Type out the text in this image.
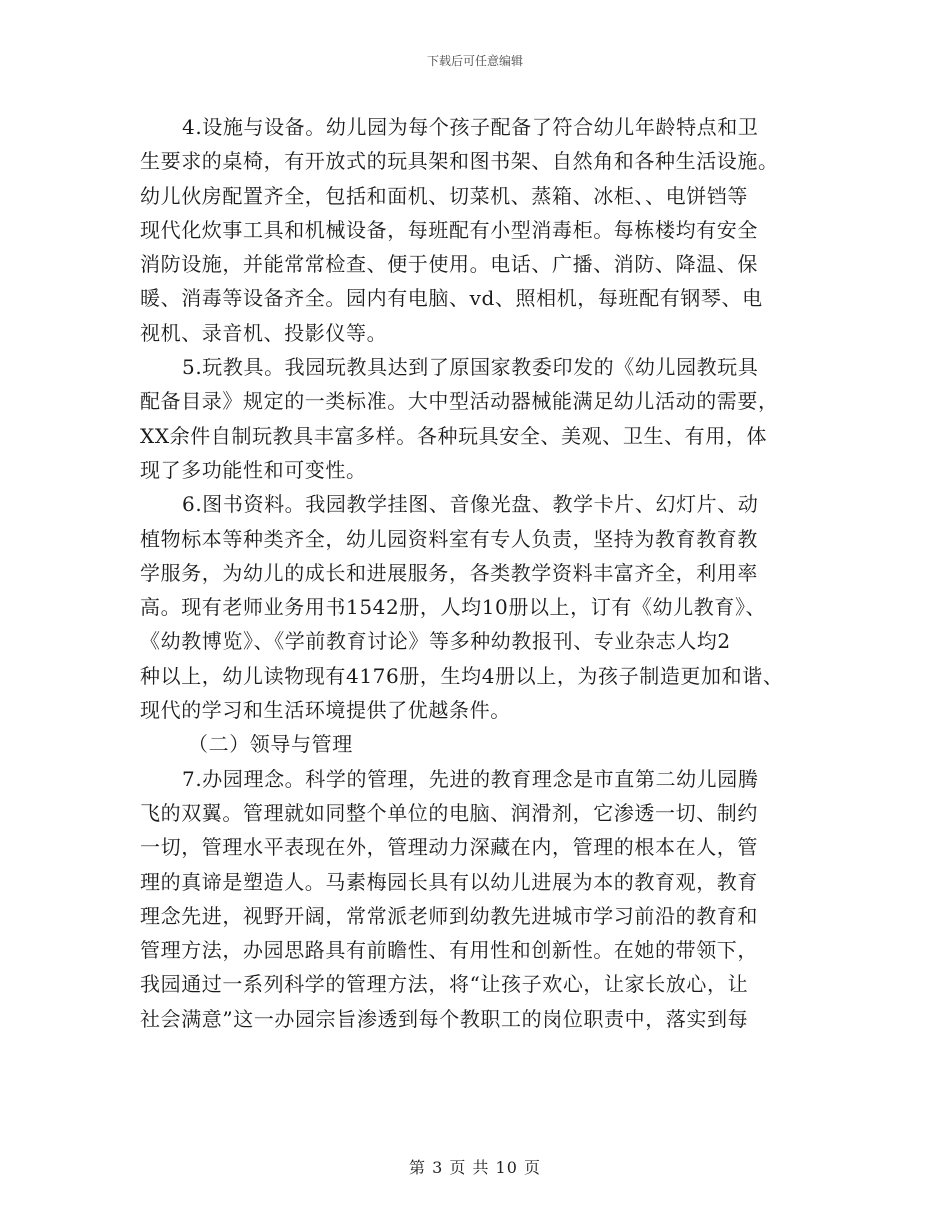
下载后可任意编辑
4.设施与设备。幼儿园为每个孩子配备了符合幼儿年龄特点和卫
生要求的桌椅，有开放式的玩具架和图书架、自然角和各种生活设施。
幼儿伙房配置齐全，包括和面机、切菜机、蒸箱、冰柜、、电饼铛等
现代化炊事工具和机械设备，每班配有小型消毒柜。每栋楼均有安全
消防设施，并能常常检查、便于使用。电话、广播、消防、降温、保
暖、消毒等设备齐全。园内有电脑、vd、照相机，每班配有钢琴、电
视机、录音机、投影仪等。
5.玩教具。我园玩教具达到了原国家教委印发的《幼儿园教玩具
配备目录》规定的一类标准。大中型活动器械能满足幼儿活动的需要，
XX余件自制玩教具丰富多样。各种玩具安全、美观、卫生、有用，体
现了多功能性和可变性。
6.图书资料。我园教学挂图、音像光盘、教学卡片、幻灯片、动
植物标本等种类齐全，幼儿园资料室有专人负责，坚持为教育教育教
学服务，为幼儿的成长和进展服务，各类教学资料丰富齐全，利用率
高。现有老师业务用书1542册，人均10册以上，订有《幼儿教育》、
《幼教博览》、《学前教育讨论》等多种幼教报刊、专业杂志人均2
种以上，幼儿读物现有4176册，生均4册以上，为孩子制造更加和谐、
现代的学习和生活环境提供了优越条件。
（二）领导与管理
7.办园理念。科学的管理，先进的教育理念是市直第二幼儿园腾
飞的双翼。管理就如同整个单位的电脑、润滑剂，它渗透一切、制约
一切，管理水平表现在外，管理动力深藏在内，管理的根本在人，管
理的真谛是塑造人。马素梅园长具有以幼儿进展为本的教育观，教育
理念先进，视野开阔，常常派老师到幼教先进城市学习前沿的教育和
管理方法，办园思路具有前瞻性、有用性和创新性。在她的带领下，
我园通过一系列科学的管理方法，将“让孩子欢心，让家长放心，让
社会满意”这一办园宗旨渗透到每个教职工的岗位职责中，落实到每
第 3 页 共 10 页
